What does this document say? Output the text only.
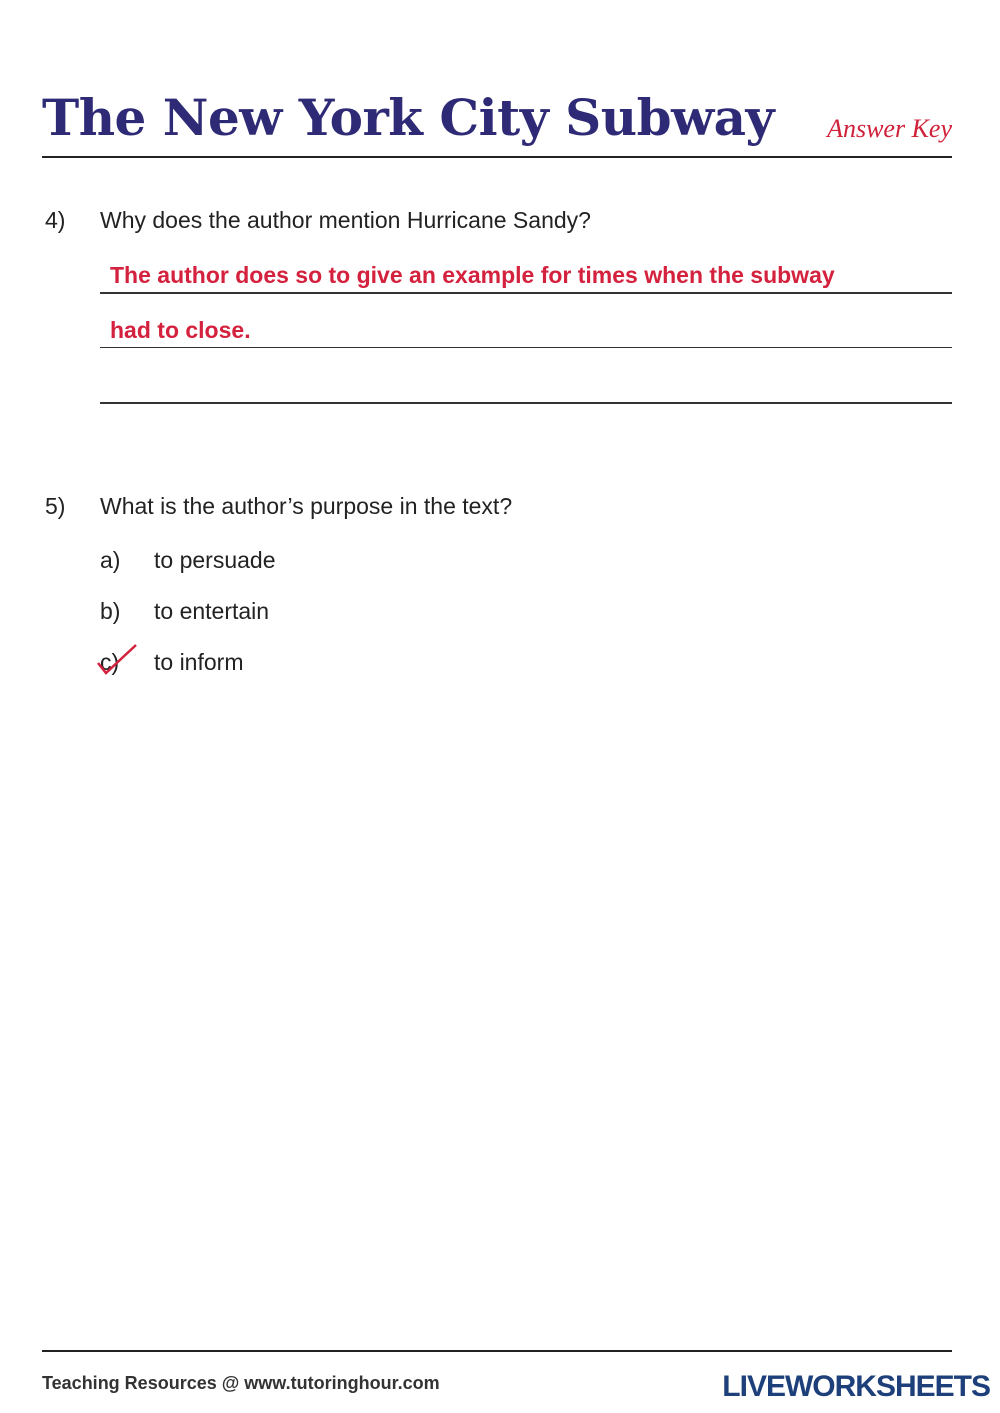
The New York City Subway Answer Key
4) Why does the author mention Hurricane Sandy?
The author does so to give an example for times when the subway
had to close.
5) What is the author’s purpose in the text?
a) to persuade
b) to entertain
c) to inform
Teaching Resources @ www.tutoringhour.com	LIVEWORKSHEETS
